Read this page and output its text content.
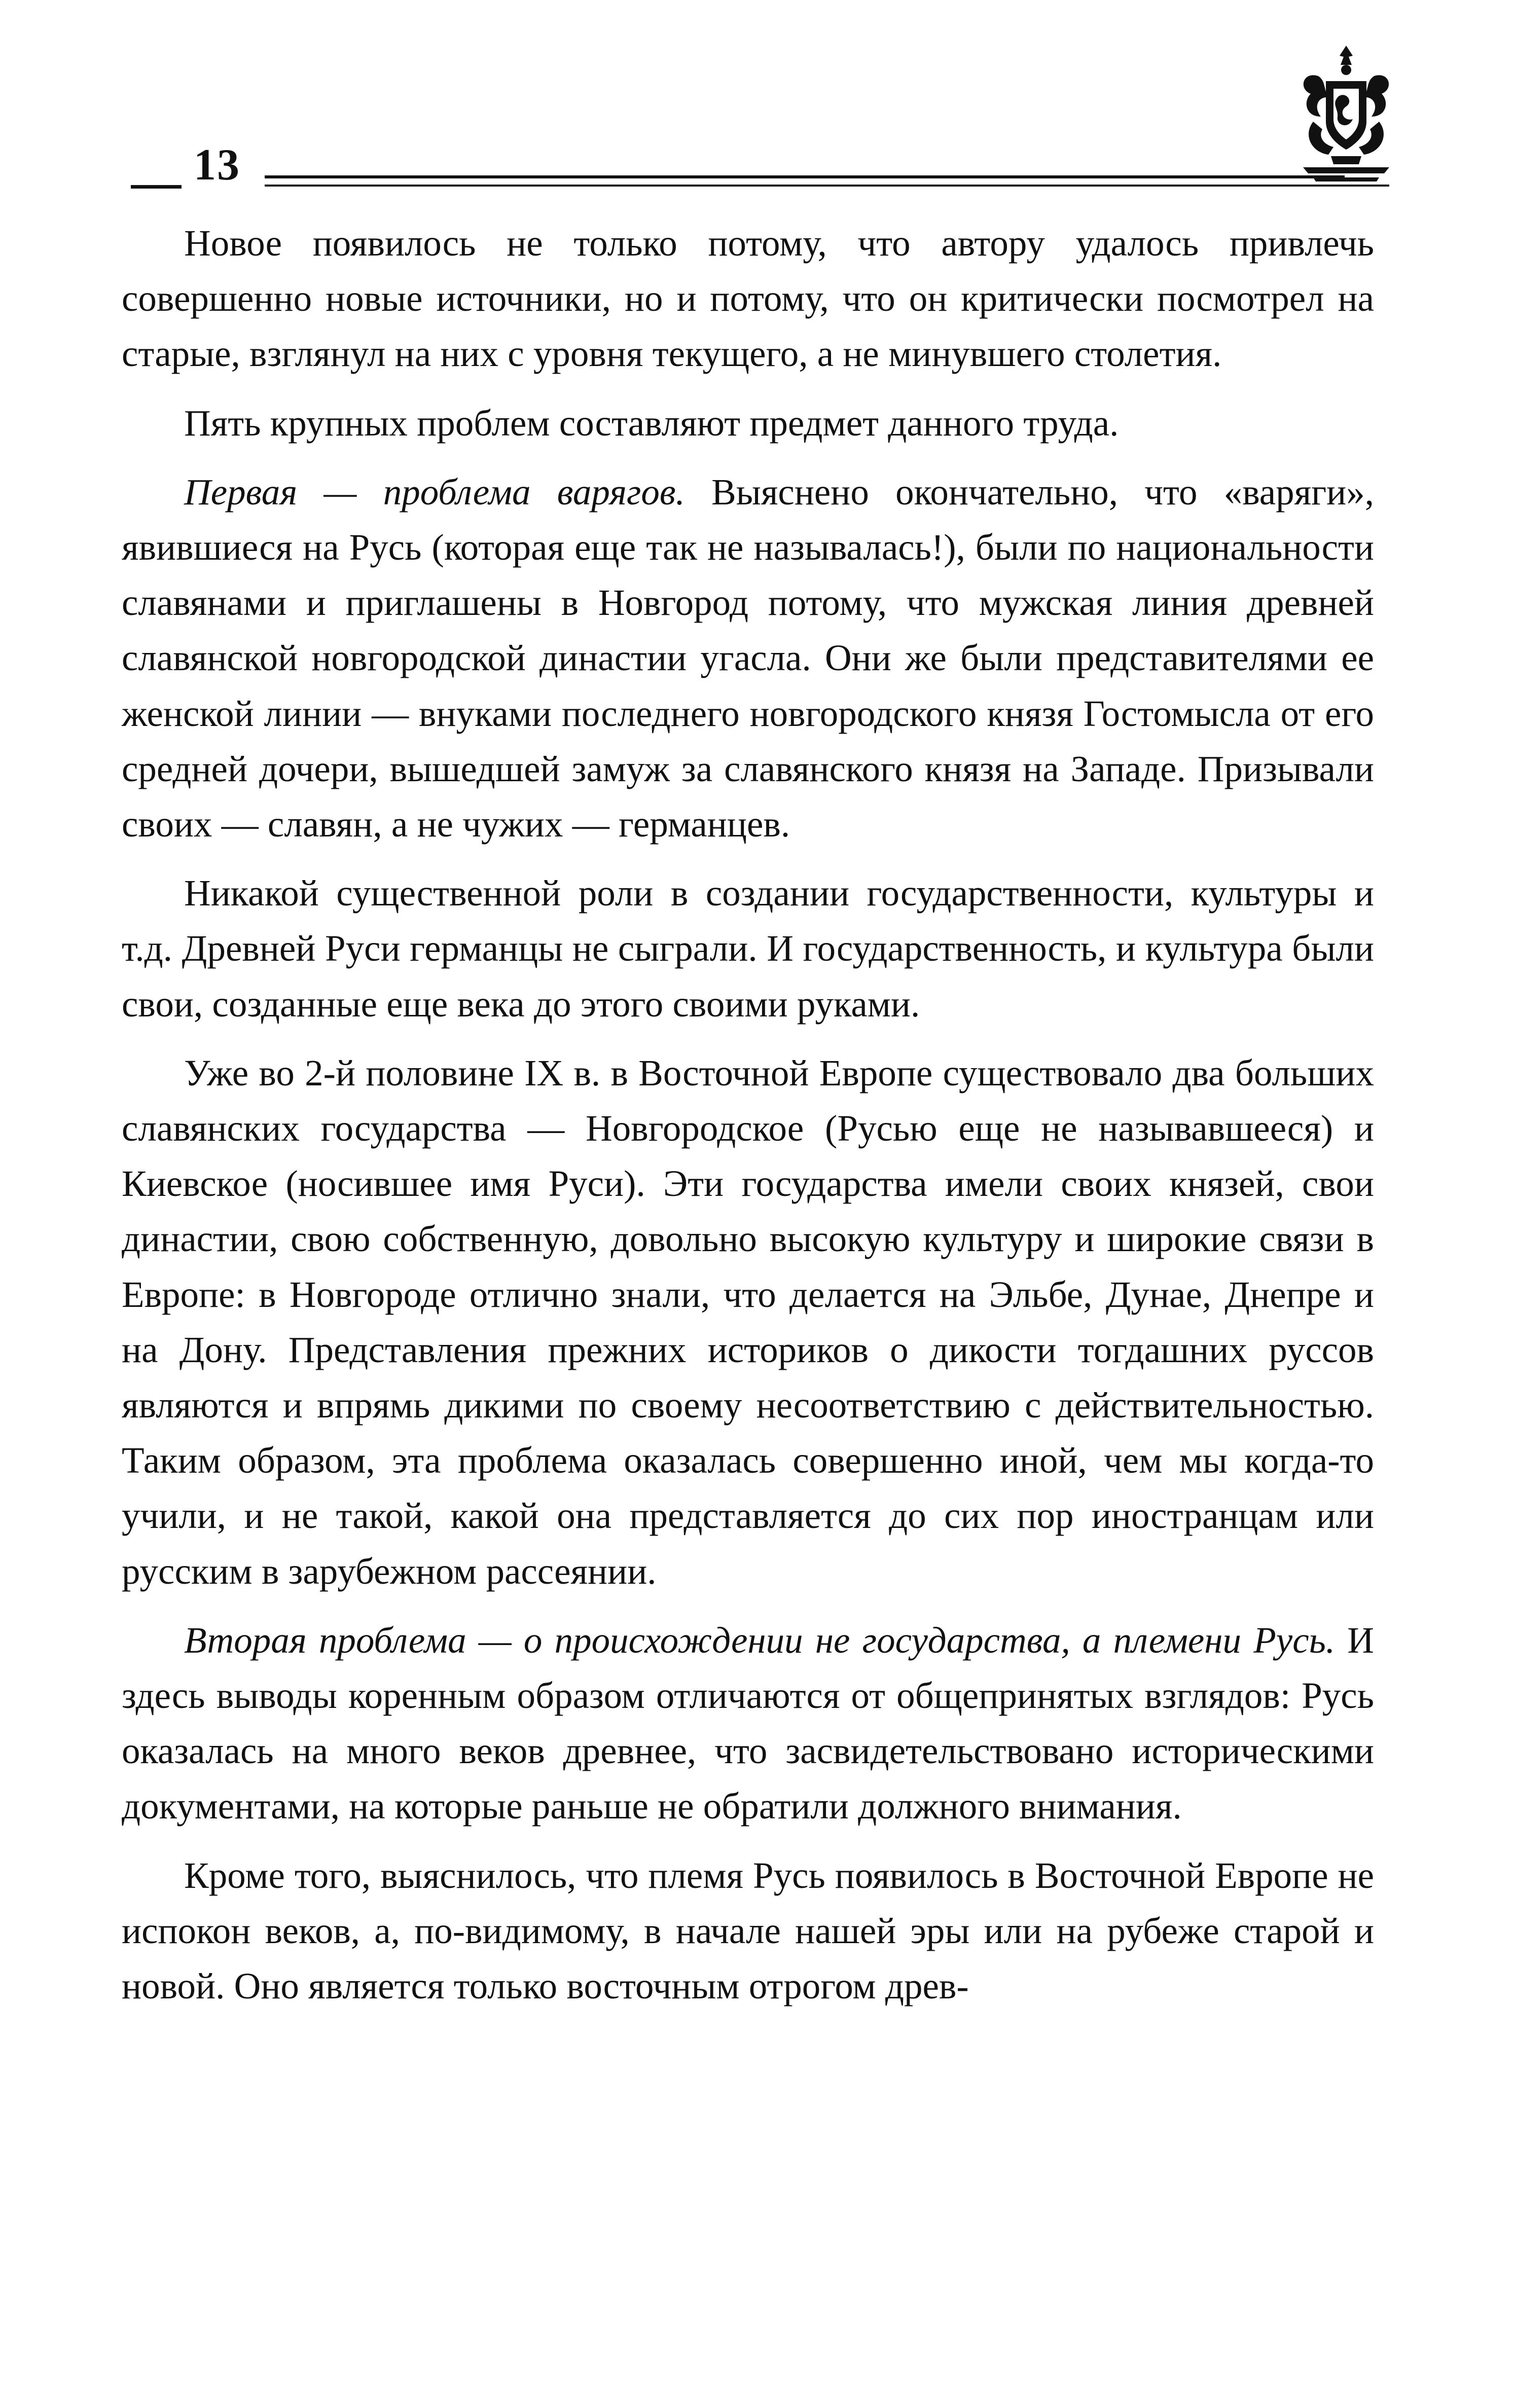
13

Новое появилось не только потому, что автору удалось привлечь совершенно новые источники, но и потому, что он критически посмотрел на старые, взглянул на них с уровня текущего, а не минувшего столетия.

Пять крупных проблем составляют предмет данного труда.

Первая — проблема варягов. Выяснено окончательно, что «варяги», явившиеся на Русь (которая еще так не называлась!), были по национальности славянами и приглашены в Новгород потому, что мужская линия древней славянской новгородской династии угасла. Они же были представителями ее женской линии — внуками последнего новгородского князя Гостомысла от его средней дочери, вышедшей замуж за славянского князя на Западе. Призывали своих — славян, а не чужих — германцев.

Никакой существенной роли в создании государственности, культуры и т.д. Древней Руси германцы не сыграли. И государственность, и культура были свои, созданные еще века до этого своими руками.

Уже во 2-й половине IX в. в Восточной Европе существовало два больших славянских государства — Новгородское (Русью еще не называвшееся) и Киевское (носившее имя Руси). Эти государства имели своих князей, свои династии, свою собственную, довольно высокую культуру и широкие связи в Европе: в Новгороде отлично знали, что делается на Эльбе, Дунае, Днепре и на Дону. Представления прежних историков о дикости тогдашних руссов являются и впрямь дикими по своему несоответствию с действительностью. Таким образом, эта проблема оказалась совершенно иной, чем мы когда-то учили, и не такой, какой она представляется до сих пор иностранцам или русским в зарубежном рассеянии.

Вторая проблема — о происхождении не государства, а племени Русь. И здесь выводы коренным образом отличаются от общепринятых взглядов: Русь оказалась на много веков древнее, что засвидетельствовано историческими документами, на которые раньше не обратили должного внимания.

Кроме того, выяснилось, что племя Русь появилось в Восточной Европе не испокон веков, а, по-видимому, в начале нашей эры или на рубеже старой и новой. Оно является только восточным отрогом древ-
